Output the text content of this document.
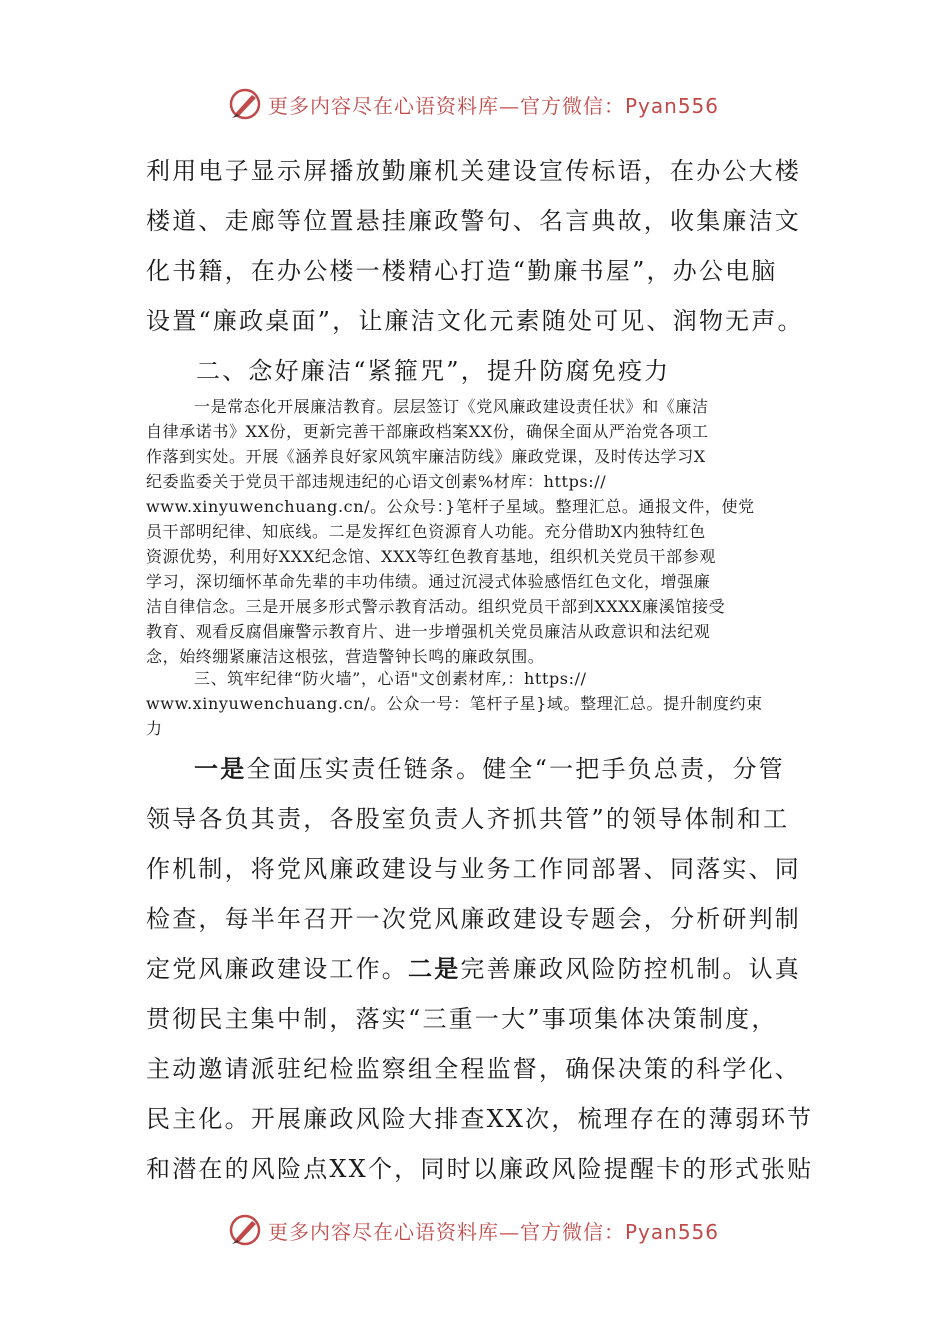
更多内容尽在心语资料库—官方微信：Pyan556

利用电子显示屏播放勤廉机关建设宣传标语，在办公大楼

楼道、走廊等位置悬挂廉政警句、名言典故，收集廉洁文

化书籍，在办公楼一楼精心打造“勤廉书屋”，办公电脑

设置“廉政桌面”，让廉洁文化元素随处可见、润物无声。

二、念好廉洁“紧箍咒”，提升防腐免疫力

一是常态化开展廉洁教育。层层签订《党风廉政建设责任状》和《廉洁

自律承诺书》XX份，更新完善干部廉政档案XX份，确保全面从严治党各项工

作落到实处。开展《涵养良好家风筑牢廉洁防线》廉政党课，及时传达学习X

纪委监委关于党员干部违规违纪的心语文创素%材库：https://

www.xinyuwenchuang.cn/。公众号：}笔杆子星域。整理汇总。通报文件，使党

员干部明纪律、知底线。二是发挥红色资源育人功能。充分借助X内独特红色

资源优势，利用好XXX纪念馆、XXX等红色教育基地，组织机关党员干部参观

学习，深切缅怀革命先辈的丰功伟绩。通过沉浸式体验感悟红色文化，增强廉

洁自律信念。三是开展多形式警示教育活动。组织党员干部到XXXX廉溪馆接受

教育、观看反腐倡廉警示教育片、进一步增强机关党员廉洁从政意识和法纪观

念，始终绷紧廉洁这根弦，营造警钟长鸣的廉政氛围。

三、筑牢纪律“防火墙”，心语"文创素材库,：https://

www.xinyuwenchuang.cn/。公众一号：笔杆子星}域。整理汇总。提升制度约束

力

一是全面压实责任链条。健全“一把手负总责，分管

领导各负其责，各股室负责人齐抓共管”的领导体制和工

作机制，将党风廉政建设与业务工作同部署、同落实、同

检查，每半年召开一次党风廉政建设专题会，分析研判制

定党风廉政建设工作。二是完善廉政风险防控机制。认真

贯彻民主集中制，落实“三重一大”事项集体决策制度，

主动邀请派驻纪检监察组全程监督，确保决策的科学化、

民主化。开展廉政风险大排查XX次，梳理存在的薄弱环节

和潜在的风险点XX个，同时以廉政风险提醒卡的形式张贴

更多内容尽在心语资料库—官方微信：Pyan556
